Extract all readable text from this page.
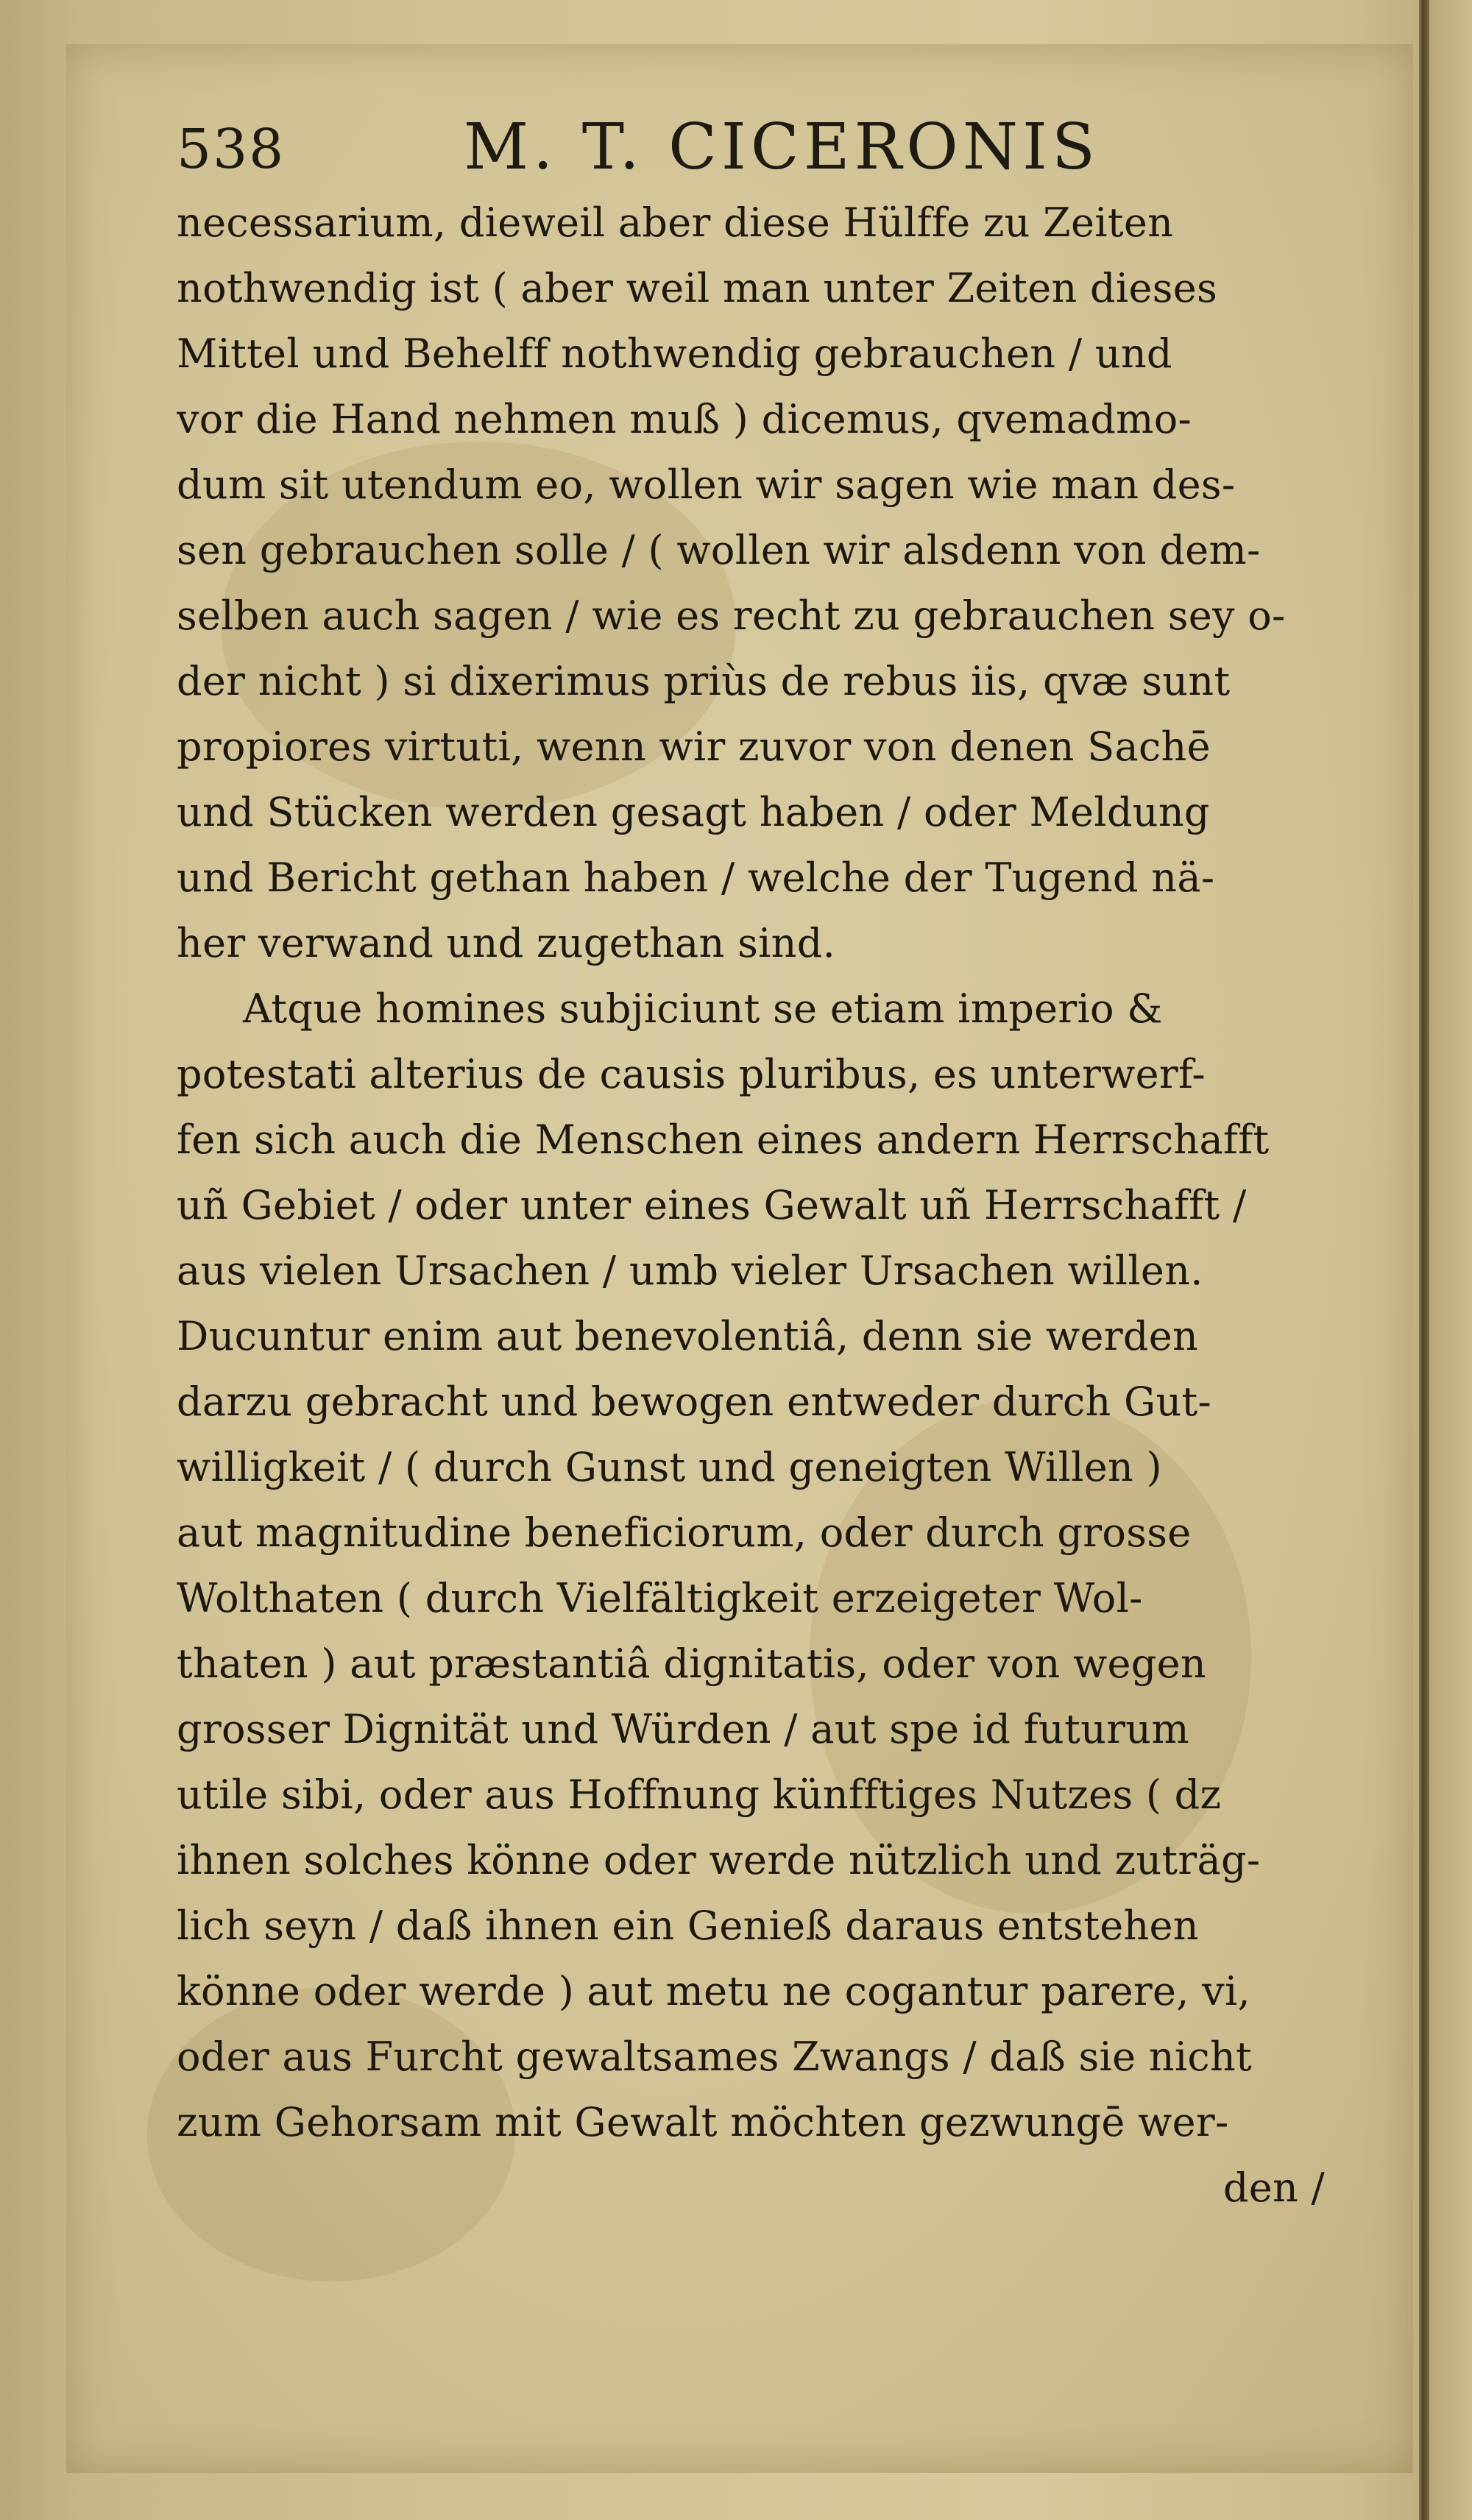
538	M. T. CICERONIS
necessarium, dieweil aber diese Hülffe zu Zeiten
nothwendig ist ( aber weil man unter Zeiten dieses
Mittel und Behelff nothwendig gebrauchen / und
vor die Hand nehmen muß ) dicemus, qvemadmo-
dum sit utendum eo, wollen wir sagen wie man des-
sen gebrauchen solle / ( wollen wir alsdenn von dem-
selben auch sagen / wie es recht zu gebrauchen sey o-
der nicht ) si dixerimus priùs de rebus iis, qvæ sunt
propiores virtuti, wenn wir zuvor von denen Sachē
und Stücken werden gesagt haben / oder Meldung
und Bericht gethan haben / welche der Tugend nä-
her verwand und zugethan sind.
Atque homines subjiciunt se etiam imperio &
potestati alterius de causis pluribus, es unterwerf-
fen sich auch die Menschen eines andern Herrschafft
uñ Gebiet / oder unter eines Gewalt uñ Herrschafft /
aus vielen Ursachen / umb vieler Ursachen willen.
Ducuntur enim aut benevolentiâ, denn sie werden
darzu gebracht und bewogen entweder durch Gut-
willigkeit / ( durch Gunst und geneigten Willen )
aut magnitudine beneficiorum, oder durch grosse
Wolthaten ( durch Vielfältigkeit erzeigeter Wol-
thaten ) aut præstantiâ dignitatis, oder von wegen
grosser Dignität und Würden / aut spe id futurum
utile sibi, oder aus Hoffnung künfftiges Nutzes ( dz
ihnen solches könne oder werde nützlich und zuträg-
lich seyn / daß ihnen ein Genieß daraus entstehen
könne oder werde ) aut metu ne cogantur parere, vi,
oder aus Furcht gewaltsames Zwangs / daß sie nicht
zum Gehorsam mit Gewalt möchten gezwungē wer-
den /
